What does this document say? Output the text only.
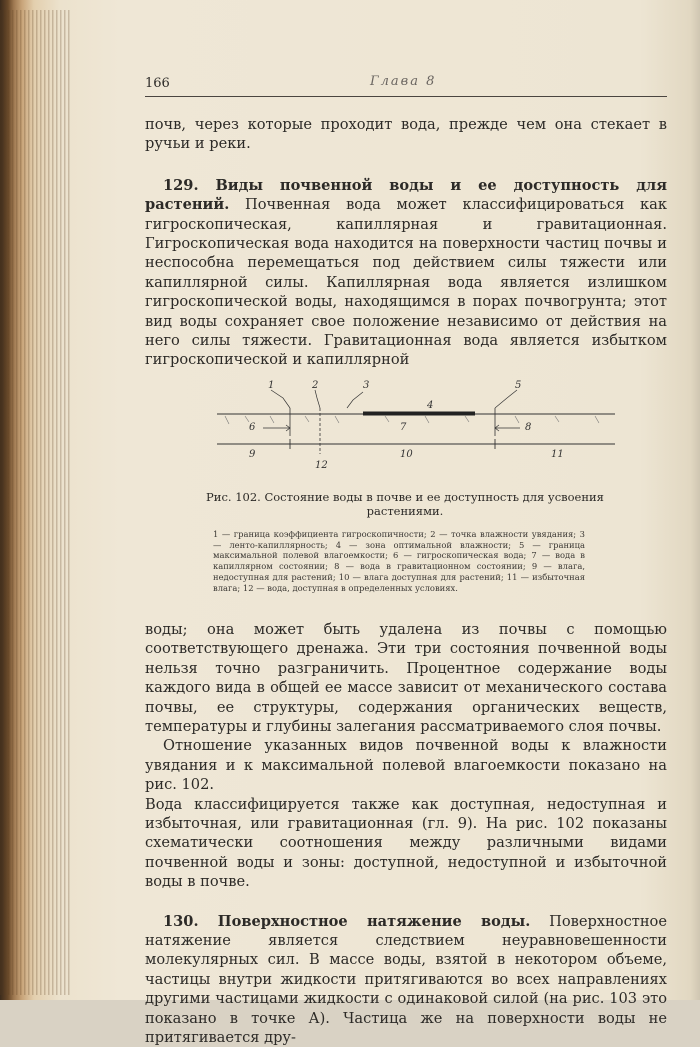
166	Глава 8

почв, через которые проходит вода, прежде чем она стекает в ручьи и реки.

129. Виды почвенной воды и ее доступность для растений. Почвенная вода может классифицироваться как гигроскопическая, капиллярная и гравитационная. Гигроскопическая вода находится на поверхности частиц почвы и неспособна перемещаться под действием силы тяжести или капиллярной силы. Капиллярная вода является излишком гигроскопической воды, находящимся в порах почвогрунта; этот вид воды сохраняет свое положение независимо от действия на него силы тяжести. Гравитационная вода является избытком гигроскопической и капиллярной

1	2	3
4
5
6	7	8
9	10	11
12
Рис. 102. Состояние воды в почве и ее доступность для усвоения растениями.
1 — граница коэффициента гигроскопичности; 2 — точка влажности увядания; 3 — ленто-капиллярность; 4 — зона оптимальной влажности; 5 — граница максимальной полевой влагоемкости; 6 — гигроскопическая вода; 7 — вода в капиллярном состоянии; 8 — вода в гравитационном состоянии; 9 — влага, недоступная для растений; 10 — влага доступная для растений; 11 — избыточная влага; 12 — вода, доступная в определенных условиях.

воды; она может быть удалена из почвы с помощью соответствующего дренажа. Эти три состояния почвенной воды нельзя точно разграничить. Процентное содержание воды каждого вида в общей ее массе зависит от механического состава почвы, ее структуры, содержания органических веществ, температуры и глубины залегания рассматриваемого слоя почвы.

Отношение указанных видов почвенной воды к влажности увядания и к максимальной полевой влагоемкости показано на рис. 102.

Вода классифицируется также как доступная, недоступная и избыточная, или гравитационная (гл. 9). На рис. 102 показаны схематически соотношения между различными видами почвенной воды и зоны: доступной, недоступной и избыточной воды в почве.

130. Поверхностное натяжение воды. Поверхностное натяжение является следствием неуравновешенности молекулярных сил. В массе воды, взятой в некотором объеме, частицы внутри жидкости притягиваются во всех направлениях другими частицами жидкости с одинаковой силой (на рис. 103 это показано в точке А). Частица же на поверхности воды не притягивается дру-
